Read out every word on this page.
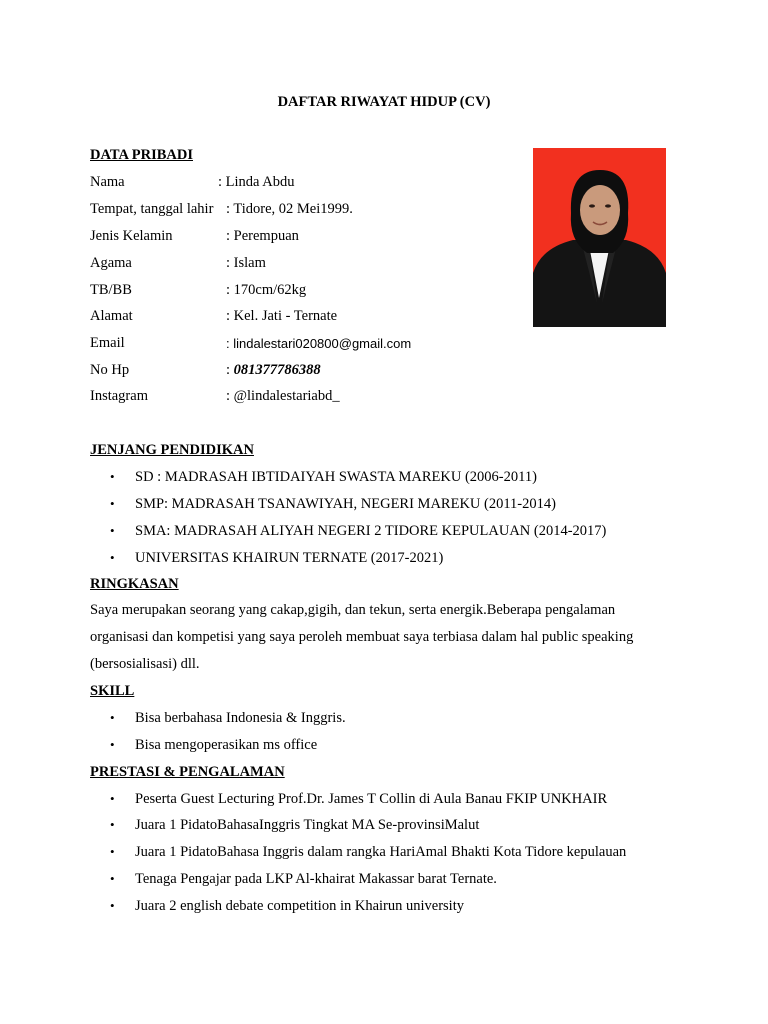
DAFTAR RIWAYAT HIDUP (CV)
DATA PRIBADI
Nama	: Linda Abdu
Tempat, tanggal lahir : Tidore, 02 Mei1999.
Jenis Kelamin	: Perempuan
Agama	: Islam
TB/BB	: 170cm/62kg
Alamat	: Kel. Jati - Ternate
Email	: lindalestari020800@gmail.com
No Hp	: 081377786388
Instagram	: @lindalestariabd_
JENJANG PENDIDIKAN
• SD : MADRASAH IBTIDAIYAH SWASTA MAREKU (2006-2011)
• SMP: MADRASAH TSANAWIYAH, NEGERI MAREKU (2011-2014)
• SMA: MADRASAH ALIYAH NEGERI 2 TIDORE KEPULAUAN (2014-2017)
• UNIVERSITAS KHAIRUN TERNATE (2017-2021)
RINGKASAN
Saya merupakan seorang yang cakap,gigih, dan tekun, serta energik.Beberapa pengalaman organisasi dan kompetisi yang saya peroleh membuat saya terbiasa dalam hal public speaking (bersosialisasi) dll.
SKILL
• Bisa berbahasa Indonesia & Inggris.
• Bisa mengoperasikan ms office
PRESTASI & PENGALAMAN
• Peserta Guest Lecturing Prof.Dr. James T Collin di Aula Banau FKIP UNKHAIR
• Juara 1 PidatoBahasaInggris Tingkat MA Se-provinsiMalut
• Juara 1 PidatoBahasa Inggris dalam rangka HariAmal Bhakti Kota Tidore kepulauan
• Tenaga Pengajar pada LKP Al-khairat Makassar barat Ternate.
• Juara 2 english debate competition in Khairun university
